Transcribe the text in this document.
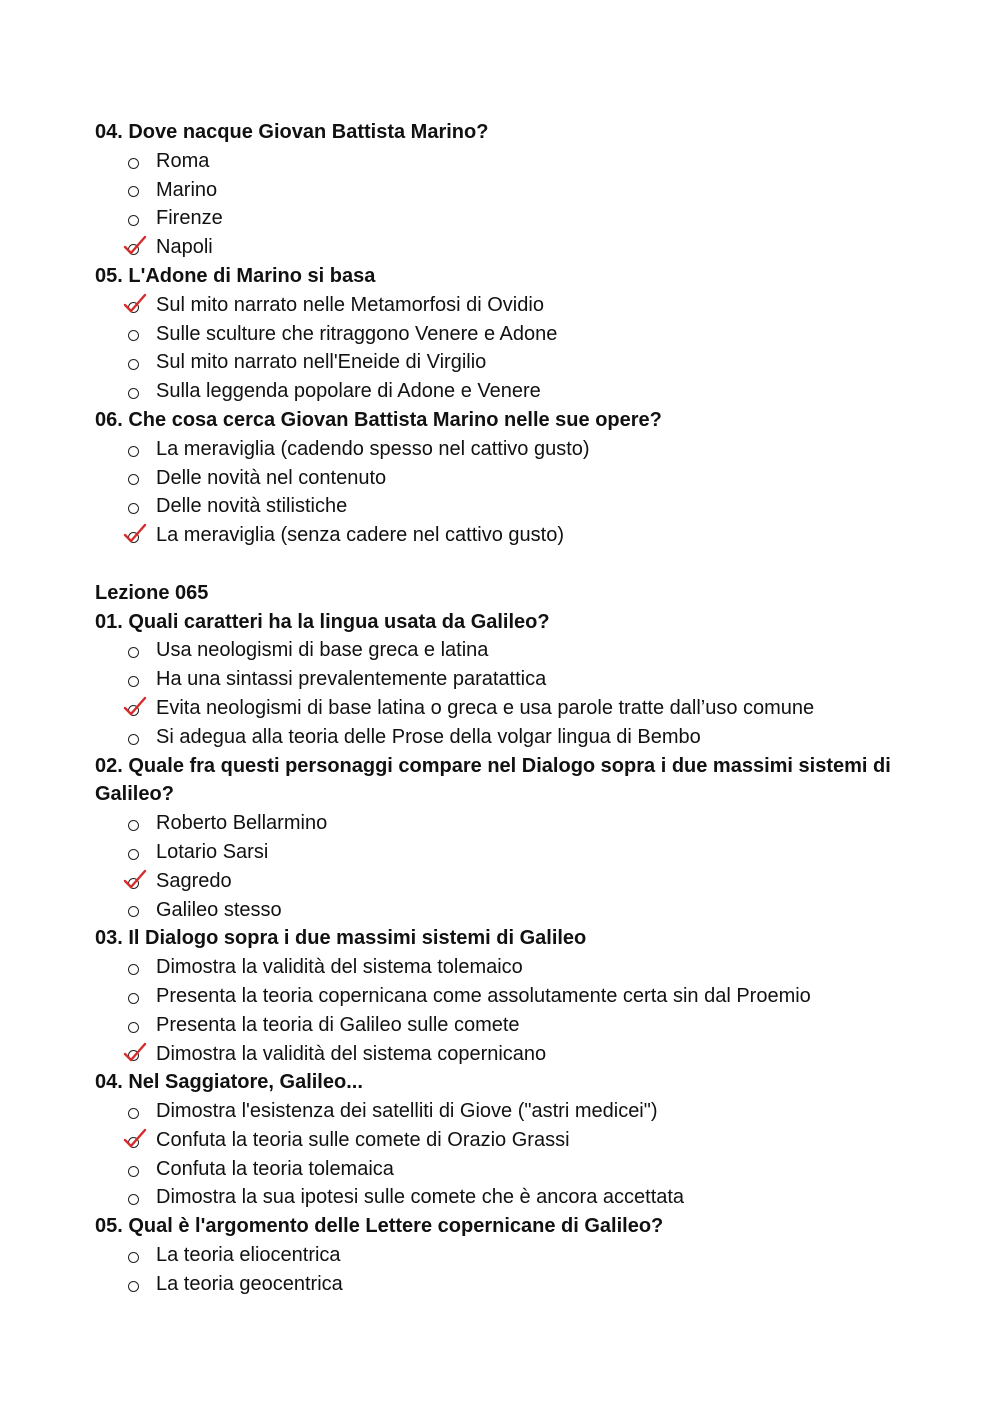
04. Dove nacque Giovan Battista Marino?
Roma
Marino
Firenze
Napoli
05. L'Adone di Marino si basa
Sul mito narrato nelle Metamorfosi di Ovidio
Sulle sculture che ritraggono Venere e Adone
Sul mito narrato nell'Eneide di Virgilio
Sulla leggenda popolare di Adone e Venere
06. Che cosa cerca Giovan Battista Marino nelle sue opere?
La meraviglia (cadendo spesso nel cattivo gusto)
Delle novità nel contenuto
Delle novità stilistiche
La meraviglia (senza cadere nel cattivo gusto)
Lezione 065
01. Quali caratteri ha la lingua usata da Galileo?
Usa neologismi di base greca e latina
Ha una sintassi prevalentemente paratattica
Evita neologismi di base latina o greca e usa parole tratte dall’uso comune
Si adegua alla teoria delle Prose della volgar lingua di Bembo
02. Quale fra questi personaggi compare nel Dialogo sopra i due massimi sistemi di Galileo?
Roberto Bellarmino
Lotario Sarsi
Sagredo
Galileo stesso
03. Il Dialogo sopra i due massimi sistemi di Galileo
Dimostra la validità del sistema tolemaico
Presenta la teoria copernicana come assolutamente certa sin dal Proemio
Presenta la teoria di Galileo sulle comete
Dimostra la validità del sistema copernicano
04. Nel Saggiatore, Galileo...
Dimostra l'esistenza dei satelliti di Giove ("astri medicei")
Confuta la teoria sulle comete di Orazio Grassi
Confuta la teoria tolemaica
Dimostra la sua ipotesi sulle comete che è ancora accettata
05. Qual è l'argomento delle Lettere copernicane di Galileo?
La teoria eliocentrica
La teoria geocentrica
